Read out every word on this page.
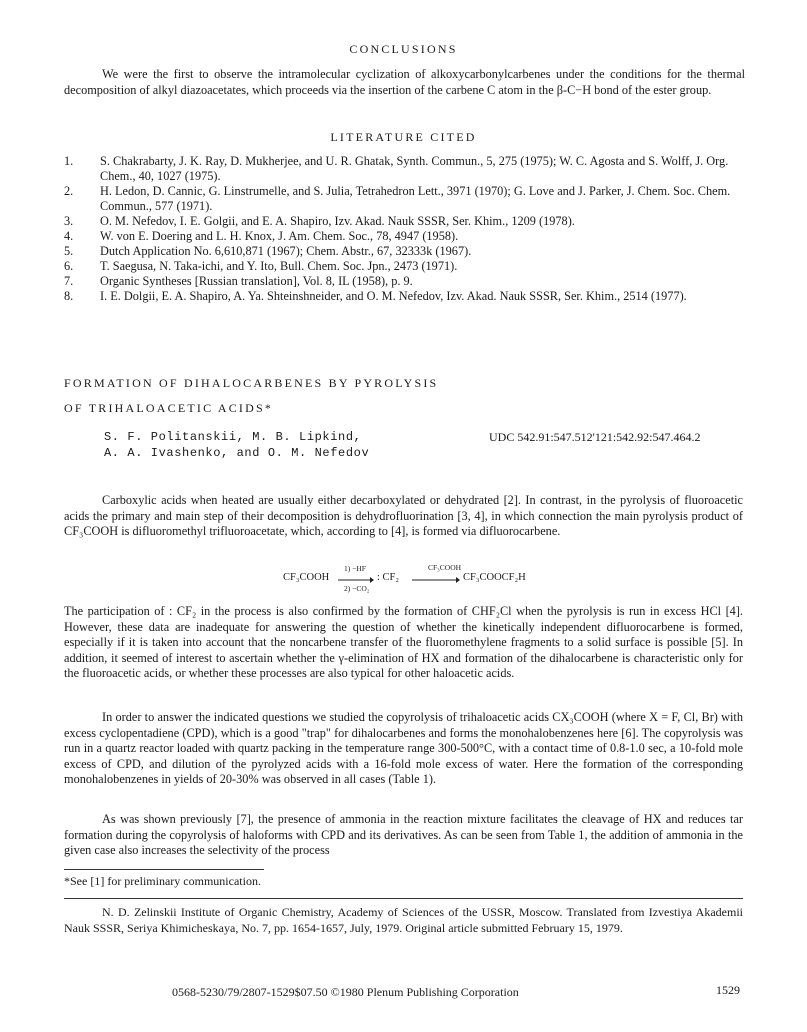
CONCLUSIONS
We were the first to observe the intramolecular cyclization of alkoxycarbonylcarbenes under the conditions for the thermal decomposition of alkyl diazoacetates, which proceeds via the insertion of the carbene C atom in the β-C−H bond of the ester group.
LITERATURE CITED
1.	S. Chakrabarty, J. K. Ray, D. Mukherjee, and U. R. Ghatak, Synth. Commun., 5, 275 (1975); W. C. Agosta and S. Wolff, J. Org. Chem., 40, 1027 (1975).
2.	H. Ledon, D. Cannic, G. Linstrumelle, and S. Julia, Tetrahedron Lett., 3971 (1970); G. Love and J. Parker, J. Chem. Soc. Chem. Commun., 577 (1971).
3.	O. M. Nefedov, I. E. Golgii, and E. A. Shapiro, Izv. Akad. Nauk SSSR, Ser. Khim., 1209 (1978).
4.	W. von E. Doering and L. H. Knox, J. Am. Chem. Soc., 78, 4947 (1958).
5.	Dutch Application No. 6,610,871 (1967); Chem. Abstr., 67, 32333k (1967).
6.	T. Saegusa, N. Taka-ichi, and Y. Ito, Bull. Chem. Soc. Jpn., 2473 (1971).
7.	Organic Syntheses [Russian translation], Vol. 8, IL (1958), p. 9.
8.	I. E. Dolgii, E. A. Shapiro, A. Ya. Shteinshneider, and O. M. Nefedov, Izv. Akad. Nauk SSSR, Ser. Khim., 2514 (1977).
FORMATION OF DIHALOCARBENES BY PYROLYSIS
OF TRIHALOACETIC ACIDS*
S. F. Politanskii, M. B. Lipkind,
A. A. Ivashenko, and O. M. Nefedov
UDC 542.91:547.512'121:542.92:547.464.2
Carboxylic acids when heated are usually either decarboxylated or dehydrated [2]. In contrast, in the pyrolysis of fluoroacetic acids the primary and main step of their decomposition is dehydrofluorination [3, 4], in which connection the main pyrolysis product of CF₃COOH is difluoromethyl trifluoroacetate, which, according to [4], is formed via difluorocarbene.
CF₃COOH
1) −HF
2) −CO₂
: CF₂
CF₃COOH
CF₃COOCF₂H
The participation of : CF₂ in the process is also confirmed by the formation of CHF₂Cl when the pyrolysis is run in excess HCl [4]. However, these data are inadequate for answering the question of whether the kinetically independent difluorocarbene is formed, especially if it is taken into account that the noncarbene transfer of the fluoromethylene fragments to a solid surface is possible [5]. In addition, it seemed of interest to ascertain whether the γ-elimination of HX and formation of the dihalocarbene is characteristic only for the fluoroacetic acids, or whether these processes are also typical for other haloacetic acids.
In order to answer the indicated questions we studied the copyrolysis of trihaloacetic acids CX₃COOH (where X = F, Cl, Br) with excess cyclopentadiene (CPD), which is a good "trap" for dihalocarbenes and forms the monohalobenzenes here [6]. The copyrolysis was run in a quartz reactor loaded with quartz packing in the temperature range 300-500°C, with a contact time of 0.8-1.0 sec, a 10-fold mole excess of CPD, and dilution of the pyrolyzed acids with a 16-fold mole excess of water. Here the formation of the corresponding monohalobenzenes in yields of 20-30% was observed in all cases (Table 1).
As was shown previously [7], the presence of ammonia in the reaction mixture facilitates the cleavage of HX and reduces tar formation during the copyrolysis of haloforms with CPD and its derivatives. As can be seen from Table 1, the addition of ammonia in the given case also increases the selectivity of the process
*See [1] for preliminary communication.
N. D. Zelinskii Institute of Organic Chemistry, Academy of Sciences of the USSR, Moscow. Translated from Izvestiya Akademii Nauk SSSR, Seriya Khimicheskaya, No. 7, pp. 1654-1657, July, 1979. Original article submitted February 15, 1979.
0568-5230/79/2807-1529$07.50 ©1980 Plenum Publishing Corporation	1529
